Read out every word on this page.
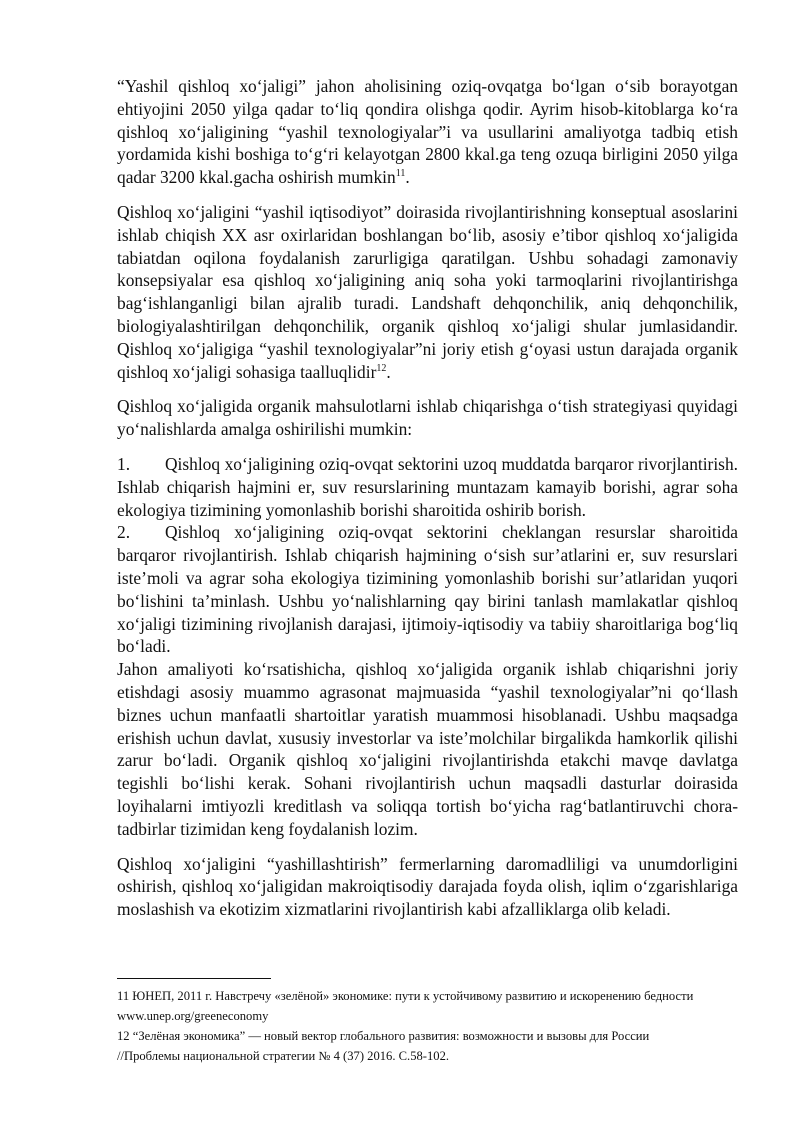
“Yashil qishloq xo‘jaligi” jahon aholisining oziq-ovqatga bo‘lgan o‘sib borayotgan ehtiyojini 2050 yilga qadar to‘liq qondira olishga qodir. Ayrim hisob-kitoblarga ko‘ra qishloq xo‘jaligining “yashil texnologiyalar”i va usullarini amaliyotga tadbiq etish yordamida kishi boshiga to‘g‘ri kelayotgan 2800 kkal.ga teng ozuqa birligini 2050 yilga qadar 3200 kkal.gacha oshirish mumkin$^{11}$.

Qishloq xo‘jaligini “yashil iqtisodiyot” doirasida rivojlantirishning konseptual asoslarini ishlab chiqish XX asr oxirlaridan boshlangan bo‘lib, asosiy e’tibor qishloq xo‘jaligida tabiatdan oqilona foydalanish zarurligiga qaratilgan. Ushbu sohadagi zamonaviy konsepsiyalar esa qishloq xo‘jaligining aniq soha yoki tarmoqlarini rivojlantirishga bag‘ishlanganligi bilan ajralib turadi. Landshaft dehqonchilik, aniq dehqonchilik, biologiyalashtirilgan dehqonchilik, organik qishloq xo‘jaligi shular jumlasidandir. Qishloq xo‘jaligiga “yashil texnologiyalar”ni joriy etish g‘oyasi ustun darajada organik qishloq xo‘jaligi sohasiga taalluqlidir$^{12}$.

Qishloq xo‘jaligida organik mahsulotlarni ishlab chiqarishga o‘tish strategiyasi quyidagi yo‘nalishlarda amalga oshirilishi mumkin:

1. Qishloq xo‘jaligining oziq-ovqat sektorini uzoq muddatda barqaror rivorjlantirish. Ishlab chiqarish hajmini er, suv resurslarining muntazam kamayib borishi, agrar soha ekologiya tizimining yomonlashib borishi sharoitida oshirib borish.

2. Qishloq xo‘jaligining oziq-ovqat sektorini cheklangan resurslar sharoitida barqaror rivojlantirish. Ishlab chiqarish hajmining o‘sish sur’atlarini er, suv resurslari iste’moli va agrar soha ekologiya tizimining yomonlashib borishi sur’atlaridan yuqori bo‘lishini ta’minlash. Ushbu yo‘nalishlarning qay birini tanlash mamlakatlar qishloq xo‘jaligi tizimining rivojlanish darajasi, ijtimoiy-iqtisodiy va tabiiy sharoitlariga bog‘liq bo‘ladi.

Jahon amaliyoti ko‘rsatishicha, qishloq xo‘jaligida organik ishlab chiqarishni joriy etishdagi asosiy muammo agrasonat majmuasida “yashil texnologiyalar”ni qo‘llash biznes uchun manfaatli shartoitlar yaratish muammosi hisoblanadi. Ushbu maqsadga erishish uchun davlat, xususiy investorlar va iste’molchilar birgalikda hamkorlik qilishi zarur bo‘ladi. Organik qishloq xo‘jaligini rivojlantirishda etakchi mavqe davlatga tegishli bo‘lishi kerak. Sohani rivojlantirish uchun maqsadli dasturlar doirasida loyihalarni imtiyozli kreditlash va soliqqa tortish bo‘yicha rag‘batlantiruvchi chora-tadbirlar tizimidan keng foydalanish lozim.

Qishloq xo‘jaligini “yashillashtirish” fermerlarning daromadliligi va unumdorligini oshirish, qishloq xo‘jaligidan makroiqtisodiy darajada foyda olish, iqlim o‘zgarishlariga moslashish va ekotizim xizmatlarini rivojlantirish kabi afzalliklarga olib keladi.

11 ЮНЕП, 2011 г. Навстречу «зелёной» экономике: пути к устойчивому развитию и искоренению бедности

www.unep.org/greeneconomy

12 “Зелёная экономика” — новый вектор глобального развития: возможности и вызовы для России

//Проблемы национальной стратегии № 4 (37) 2016. С.58-102.
